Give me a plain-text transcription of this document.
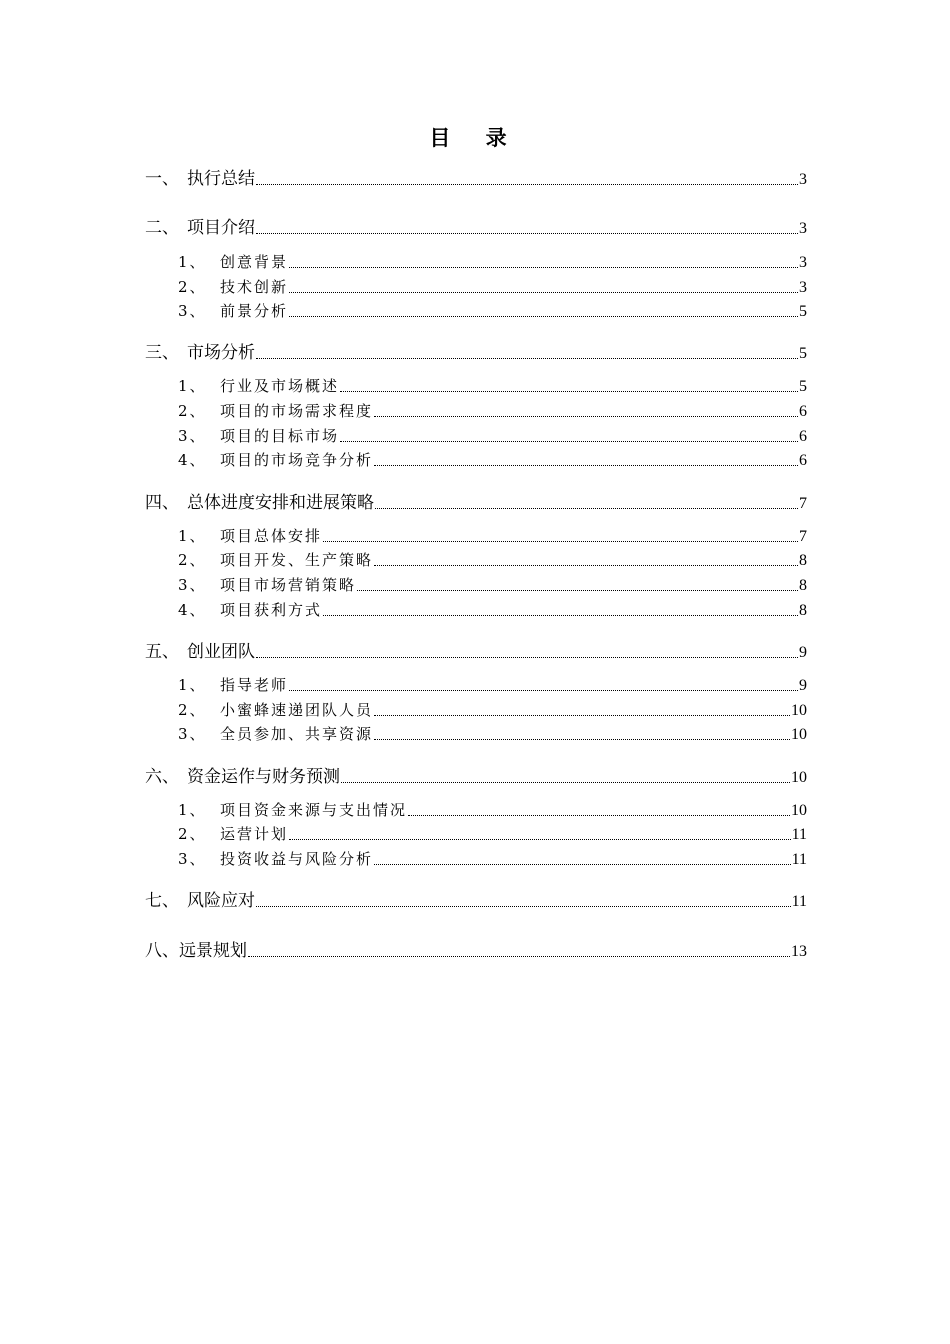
目 录
一、 执行总结	3
二、 项目介绍	3
1、 创意背景	3
2、 技术创新	3
3、 前景分析	5
三、 市场分析	5
1、 行业及市场概述	5
2、 项目的市场需求程度	6
3、 项目的目标市场	6
4、 项目的市场竞争分析	6
四、 总体进度安排和进展策略	7
1、 项目总体安排	7
2、 项目开发、生产策略	8
3、 项目市场营销策略	8
4、 项目获利方式	8
五、 创业团队	9
1、 指导老师	9
2、 小蜜蜂速递团队人员	10
3、 全员参加、共享资源	10
六、 资金运作与财务预测	10
1、 项目资金来源与支出情况	10
2、 运营计划	11
3、 投资收益与风险分析	11
七、 风险应对	11
八、 远景规划	13
